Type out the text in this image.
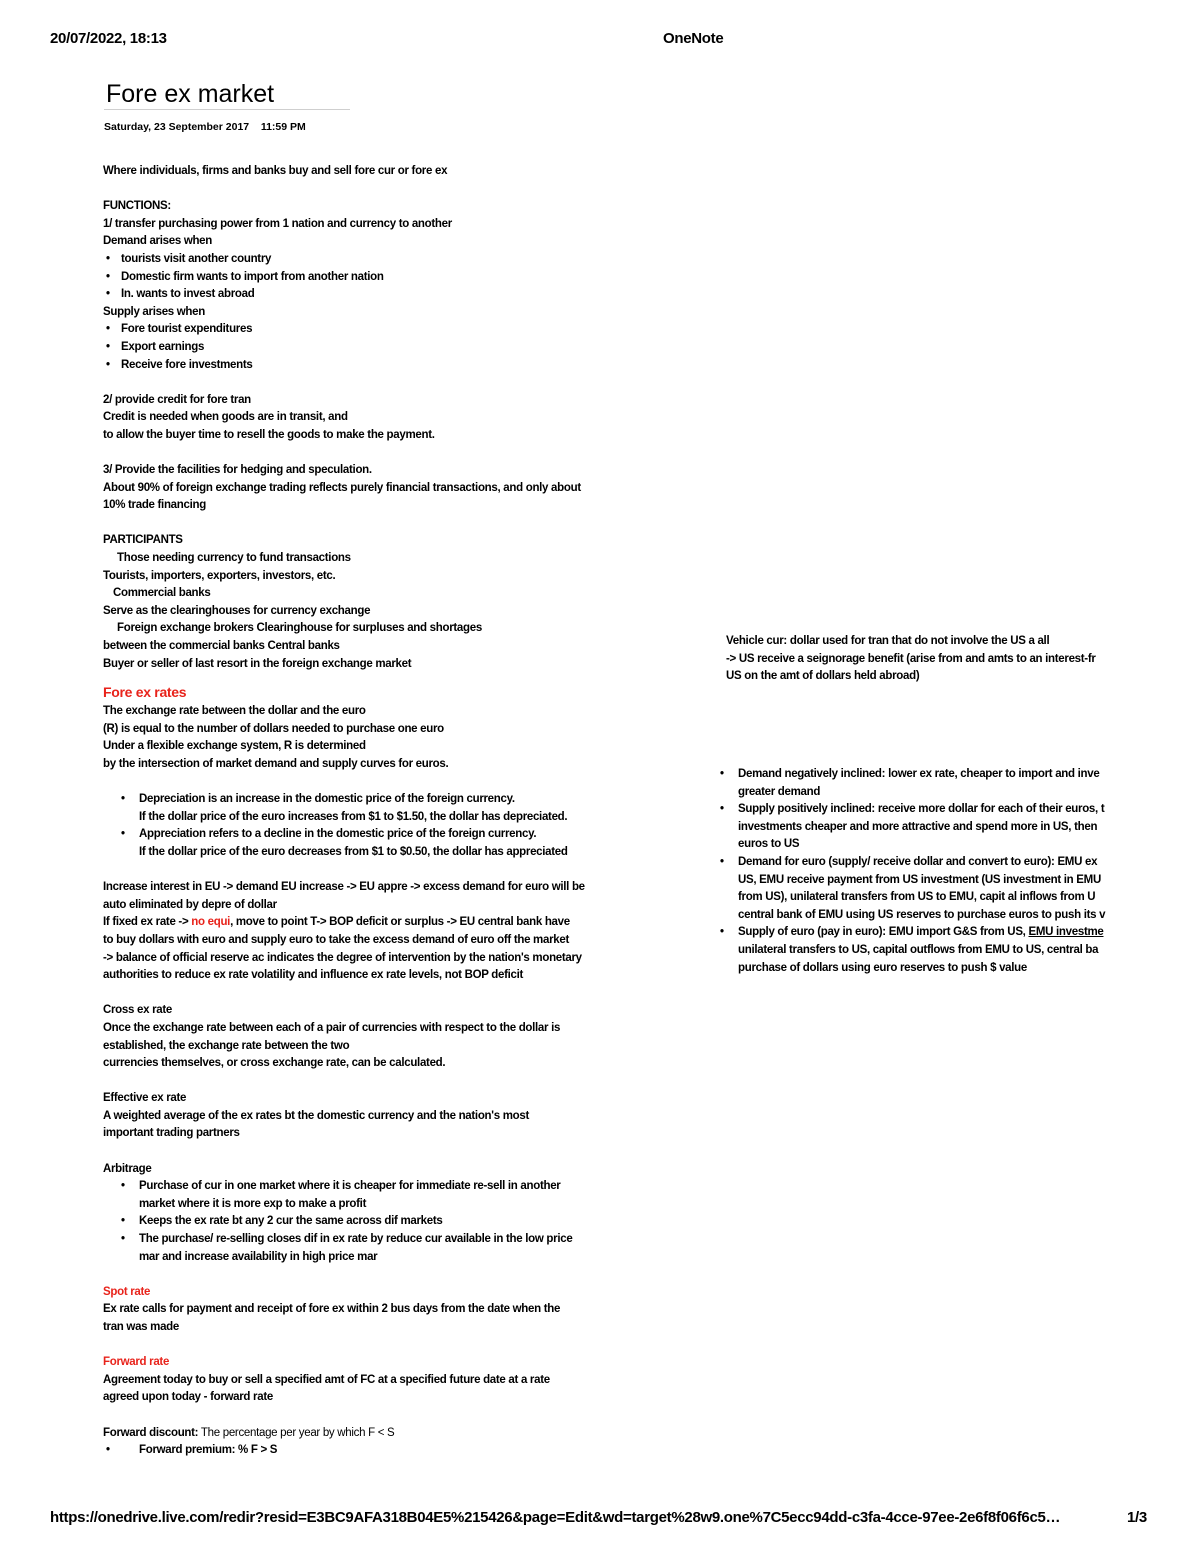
20/07/2022, 18:13	OneNote
Fore ex market
Saturday, 23 September 2017 11:59 PM
Where individuals, firms and banks buy and sell fore cur or fore ex
FUNCTIONS:
1/ transfer purchasing power from 1 nation and currency to another
Demand arises when
• tourists visit another country
• Domestic firm wants to import from another nation
• In. wants to invest abroad
Supply arises when
• Fore tourist expenditures
• Export earnings
• Receive fore investments
2/ provide credit for fore tran
Credit is needed when goods are in transit, and
to allow the buyer time to resell the goods to make the payment.
3/ Provide the facilities for hedging and speculation.
About 90% of foreign exchange trading reflects purely financial transactions, and only about
10% trade financing
PARTICIPANTS
Those needing currency to fund transactions
Tourists, importers, exporters, investors, etc.
Commercial banks
Serve as the clearinghouses for currency exchange
Foreign exchange brokers Clearinghouse for surpluses and shortages
between the commercial banks Central banks
Buyer or seller of last resort in the foreign exchange market
Fore ex rates
The exchange rate between the dollar and the euro
(R) is equal to the number of dollars needed to purchase one euro
Under a flexible exchange system, R is determined
by the intersection of market demand and supply curves for euros.
• Depreciation is an increase in the domestic price of the foreign currency.
If the dollar price of the euro increases from $1 to $1.50, the dollar has depreciated.
• Appreciation refers to a decline in the domestic price of the foreign currency.
If the dollar price of the euro decreases from $1 to $0.50, the dollar has appreciated
Increase interest in EU -> demand EU increase -> EU appre -> excess demand for euro will be
auto eliminated by depre of dollar
If fixed ex rate -> no equi, move to point T-> BOP deficit or surplus -> EU central bank have
to buy dollars with euro and supply euro to take the excess demand of euro off the market
-> balance of official reserve ac indicates the degree of intervention by the nation's monetary
authorities to reduce ex rate volatility and influence ex rate levels, not BOP deficit
Cross ex rate
Once the exchange rate between each of a pair of currencies with respect to the dollar is
established, the exchange rate between the two
currencies themselves, or cross exchange rate, can be calculated.
Effective ex rate
A weighted average of the ex rates bt the domestic currency and the nation's most
important trading partners
Arbitrage
• Purchase of cur in one market where it is cheaper for immediate re-sell in another
market where it is more exp to make a profit
• Keeps the ex rate bt any 2 cur the same across dif markets
• The purchase/ re-selling closes dif in ex rate by reduce cur available in the low price
mar and increase availability in high price mar
Spot rate
Ex rate calls for payment and receipt of fore ex within 2 bus days from the date when the
tran was made
Forward rate
Agreement today to buy or sell a specified amt of FC at a specified future date at a rate
agreed upon today - forward rate
Forward discount: The percentage per year by which F < S
• Forward premium: % F > S
Vehicle cur: dollar used for tran that do not involve the US a all
-> US receive a seignorage benefit (arise from and amts to an interest-fr
US on the amt of dollars held abroad)
• Demand negatively inclined: lower ex rate, cheaper to import and inve
greater demand
• Supply positively inclined: receive more dollar for each of their euros, t
investments cheaper and more attractive and spend more in US, then
euros to US
• Demand for euro (supply/ receive dollar and convert to euro): EMU ex
US, EMU receive payment from US investment (US investment in EMU
from US), unilateral transfers from US to EMU, capit al inflows from U
central bank of EMU using US reserves to purchase euros to push its v
• Supply of euro (pay in euro): EMU import G&S from US, EMU investme
unilateral transfers to US, capital outflows from EMU to US, central ba
purchase of dollars using euro reserves to push $ value
https://onedrive.live.com/redir?resid=E3BC9AFA318B04E5%215426&page=Edit&wd=target%28w9.one%7C5ecc94dd-c3fa-4cce-97ee-2e6f8f06f6c5…	1/3
